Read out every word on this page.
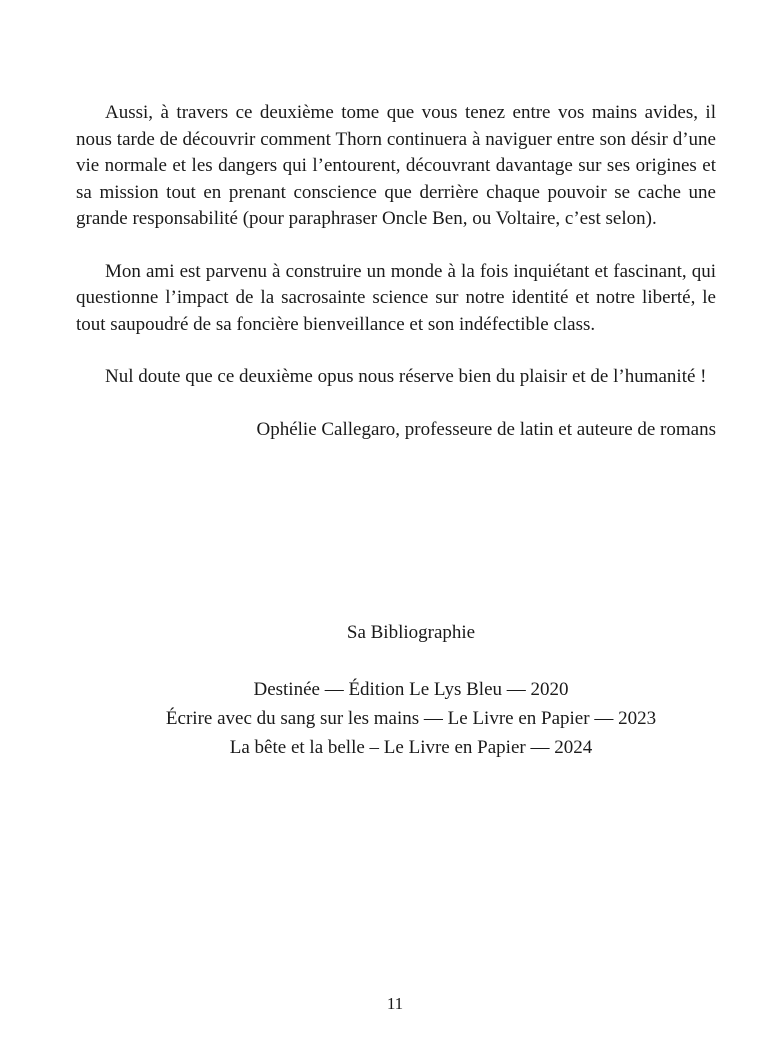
Aussi, à travers ce deuxième tome que vous tenez entre vos mains avides, il nous tarde de découvrir comment Thorn continuera à naviguer entre son désir d’une vie normale et les dangers qui l’entourent, découvrant davantage sur ses origines et sa mission tout en prenant conscience que derrière chaque pouvoir se cache une grande responsabilité (pour paraphraser Oncle Ben, ou Voltaire, c’est selon).

Mon ami est parvenu à construire un monde à la fois inquiétant et fascinant, qui questionne l’impact de la sacrosainte science sur notre identité et notre liberté, le tout saupoudré de sa foncière bienveillance et son indéfectible class.

Nul doute que ce deuxième opus nous réserve bien du plaisir et de l’humanité !

Ophélie Callegaro, professeure de latin et auteure de romans

Sa Bibliographie

Destinée — Édition Le Lys Bleu — 2020
Écrire avec du sang sur les mains — Le Livre en Papier — 2023
La bête et la belle – Le Livre en Papier — 2024
11
